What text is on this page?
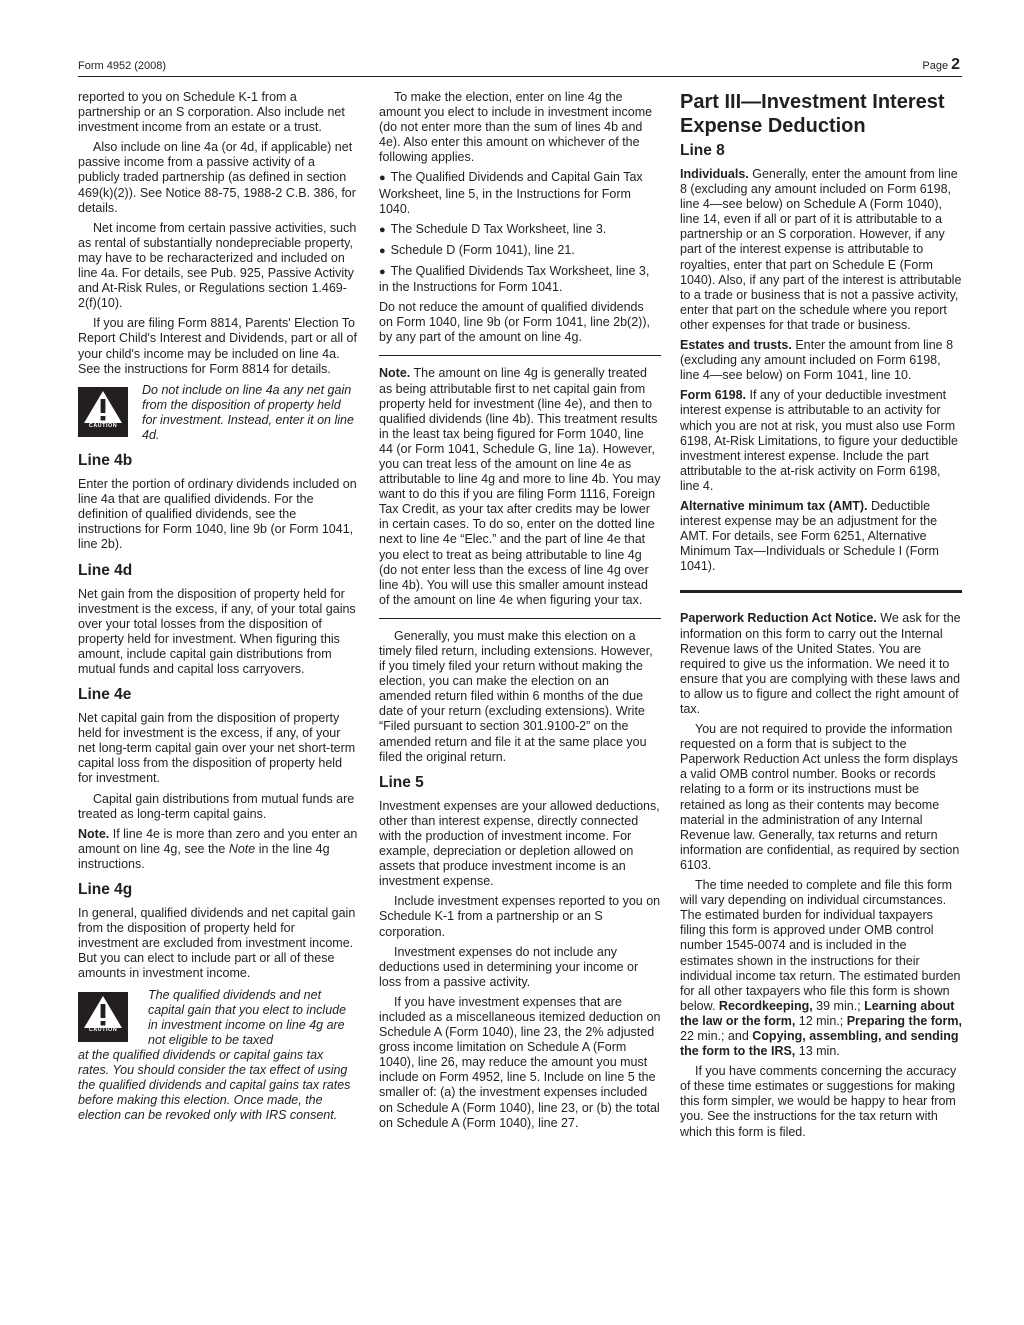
Form 4952 (2008)	Page 2

reported to you on Schedule K-1 from a partnership or an S corporation. Also include net investment income from an estate or a trust.

Also include on line 4a (or 4d, if applicable) net passive income from a passive activity of a publicly traded partnership (as defined in section 469(k)(2)). See Notice 88-75, 1988-2 C.B. 386, for details.

Net income from certain passive activities, such as rental of substantially nondepreciable property, may have to be recharacterized and included on line 4a. For details, see Pub. 925, Passive Activity and At-Risk Rules, or Regulations section 1.469-2(f)(10).

If you are filing Form 8814, Parents' Election To Report Child's Interest and Dividends, part or all of your child's income may be included on line 4a. See the instructions for Form 8814 for details.

CAUTION
Do not include on line 4a any net gain from the disposition of property held for investment. Instead, enter it on line 4d.
Line 4b

Enter the portion of ordinary dividends included on line 4a that are qualified dividends. For the definition of qualified dividends, see the instructions for Form 1040, line 9b (or Form 1041, line 2b).

Line 4d

Net gain from the disposition of property held for investment is the excess, if any, of your total gains over your total losses from the disposition of property held for investment. When figuring this amount, include capital gain distributions from mutual funds and capital loss carryovers.

Line 4e

Net capital gain from the disposition of property held for investment is the excess, if any, of your net long-term capital gain over your net short-term capital loss from the disposition of property held for investment.

Capital gain distributions from mutual funds are treated as long-term capital gains.

Note. If line 4e is more than zero and you enter an amount on line 4g, see the Note in the line 4g instructions.

Line 4g

In general, qualified dividends and net capital gain from the disposition of property held for investment are excluded from investment income. But you can elect to include part or all of these amounts in investment income.

CAUTION
The qualified dividends and net capital gain that you elect to include in investment income on line 4g are not eligible to be taxed
at the qualified dividends or capital gains tax rates. You should consider the tax effect of using the qualified dividends and capital gains tax rates before making this election. Once made, the election can be revoked only with IRS consent.

To make the election, enter on line 4g the amount you elect to include in investment income (do not enter more than the sum of lines 4b and 4e). Also enter this amount on whichever of the following applies.

● The Qualified Dividends and Capital Gain Tax Worksheet, line 5, in the Instructions for Form 1040.

● The Schedule D Tax Worksheet, line 3.

● Schedule D (Form 1041), line 21.

● The Qualified Dividends Tax Worksheet, line 3, in the Instructions for Form 1041.

Do not reduce the amount of qualified dividends on Form 1040, line 9b (or Form 1041, line 2b(2)), by any part of the amount on line 4g.

Note. The amount on line 4g is generally treated as being attributable first to net capital gain from property held for investment (line 4e), and then to qualified dividends (line 4b). This treatment results in the least tax being figured for Form 1040, line 44 (or Form 1041, Schedule G, line 1a). However, you can treat less of the amount on line 4e as attributable to line 4g and more to line 4b. You may want to do this if you are filing Form 1116, Foreign Tax Credit, as your tax after credits may be lower in certain cases. To do so, enter on the dotted line next to line 4e “Elec.” and the part of line 4e that you elect to treat as being attributable to line 4g (do not enter less than the excess of line 4g over line 4b). You will use this smaller amount instead of the amount on line 4e when figuring your tax.

Generally, you must make this election on a timely filed return, including extensions. However, if you timely filed your return without making the election, you can make the election on an amended return filed within 6 months of the due date of your return (excluding extensions). Write “Filed pursuant to section 301.9100-2” on the amended return and file it at the same place you filed the original return.

Line 5

Investment expenses are your allowed deductions, other than interest expense, directly connected with the production of investment income. For example, depreciation or depletion allowed on assets that produce investment income is an investment expense.

Include investment expenses reported to you on Schedule K-1 from a partnership or an S corporation.

Investment expenses do not include any deductions used in determining your income or loss from a passive activity.

If you have investment expenses that are included as a miscellaneous itemized deduction on Schedule A (Form 1040), line 23, the 2% adjusted gross income limitation on Schedule A (Form 1040), line 26, may reduce the amount you must include on Form 4952, line 5. Include on line 5 the smaller of: (a) the investment expenses included on Schedule A (Form 1040), line 23, or (b) the total on Schedule A (Form 1040), line 27.

Part III—Investment Interest Expense Deduction
Line 8

Individuals. Generally, enter the amount from line 8 (excluding any amount included on Form 6198, line 4—see below) on Schedule A (Form 1040), line 14, even if all or part of it is attributable to a partnership or an S corporation. However, if any part of the interest expense is attributable to royalties, enter that part on Schedule E (Form 1040). Also, if any part of the interest is attributable to a trade or business that is not a passive activity, enter that part on the schedule where you report other expenses for that trade or business.

Estates and trusts. Enter the amount from line 8 (excluding any amount included on Form 6198, line 4—see below) on Form 1041, line 10.

Form 6198. If any of your deductible investment interest expense is attributable to an activity for which you are not at risk, you must also use Form 6198, At-Risk Limitations, to figure your deductible investment interest expense. Include the part attributable to the at-risk activity on Form 6198, line 4.

Alternative minimum tax (AMT). Deductible interest expense may be an adjustment for the AMT. For details, see Form 6251, Alternative Minimum Tax—Individuals or Schedule I (Form 1041).

Paperwork Reduction Act Notice. We ask for the information on this form to carry out the Internal Revenue laws of the United States. You are required to give us the information. We need it to ensure that you are complying with these laws and to allow us to figure and collect the right amount of tax.

You are not required to provide the information requested on a form that is subject to the Paperwork Reduction Act unless the form displays a valid OMB control number. Books or records relating to a form or its instructions must be retained as long as their contents may become material in the administration of any Internal Revenue law. Generally, tax returns and return information are confidential, as required by section 6103.

The time needed to complete and file this form will vary depending on individual circumstances. The estimated burden for individual taxpayers filing this form is approved under OMB control number 1545-0074 and is included in the estimates shown in the instructions for their individual income tax return. The estimated burden for all other taxpayers who file this form is shown below. Recordkeeping, 39 min.; Learning about the law or the form, 12 min.; Preparing the form, 22 min.; and Copying, assembling, and sending the form to the IRS, 13 min.

If you have comments concerning the accuracy of these time estimates or suggestions for making this form simpler, we would be happy to hear from you. See the instructions for the tax return with which this form is filed.
